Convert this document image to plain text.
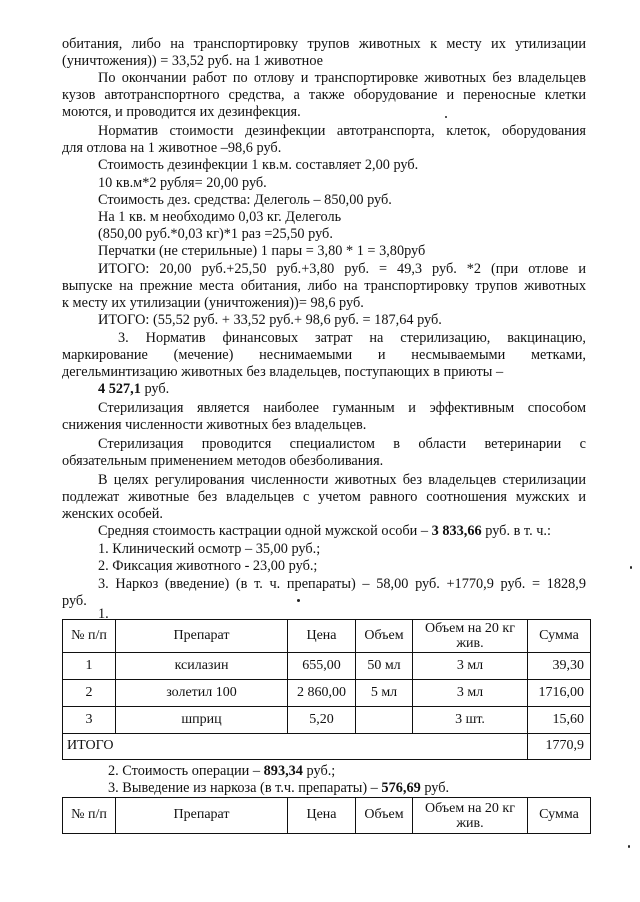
обитания, либо на транспортировку трупов животных к месту их утилизации
(уничтожения)) = 33,52 руб. на 1 животное
По окончании работ по отлову и транспортировке животных без владельцев
кузов автотранспортного средства, а также оборудование и переносные клетки
моются, и проводится их дезинфекция.
Норматив стоимости дезинфекции автотранспорта, клеток, оборудования
для отлова на 1 животное –98,6 руб.
Стоимость дезинфекции 1 кв.м. составляет 2,00 руб.
10 кв.м*2 рубля= 20,00 руб.
Стоимость дез. средства: Делеголь – 850,00 руб.
На 1 кв. м необходимо 0,03 кг. Делеголь
(850,00 руб.*0,03 кг)*1 раз =25,50 руб.
Перчатки (не стерильные) 1 пары = 3,80 * 1 = 3,80руб
ИТОГО: 20,00 руб.+25,50 руб.+3,80 руб. = 49,3 руб. *2 (при отлове и
выпуске на прежние места обитания, либо на транспортировку трупов животных
к месту их утилизации (уничтожения))= 98,6 руб.
ИТОГО: (55,52 руб. + 33,52 руб.+ 98,6 руб. = 187,64 руб.
3. Норматив финансовых затрат на стерилизацию, вакцинацию,
маркирование (мечение) неснимаемыми и несмываемыми метками,
дегельминтизацию животных без владельцев, поступающих в приюты –
4 527,1 руб.
Стерилизация является наиболее гуманным и эффективным способом
снижения численности животных без владельцев.
Стерилизация проводится специалистом в области ветеринарии с
обязательным применением методов обезболивания.
В целях регулирования численности животных без владельцев стерилизации
подлежат животные без владельцев с учетом равного соотношения мужских и
женских особей.
Средняя стоимость кастрации одной мужской особи – 3 833,66 руб. в т. ч.:
1. Клинический осмотр – 35,00 руб.;
2. Фиксация животного - 23,00 руб.;
3. Наркоз (введение) (в т. ч. препараты) – 58,00 руб. +1770,9 руб. = 1828,9
руб.
1.
№ п/п	Препарат	Цена	Объем	Объем на 20 кг жив.	Сумма
1	ксилазин	655,00	50 мл	3 мл	39,30
2	золетил 100	2 860,00	5 мл	3 мл	1716,00
3	шприц	5,20		3 шт.	15,60
ИТОГО					1770,9
2. Стоимость операции – 893,34 руб.;
3. Выведение из наркоза (в т.ч. препараты) – 576,69 руб.
№ п/п	Препарат	Цена	Объем	Объем на 20 кг жив.	Сумма
